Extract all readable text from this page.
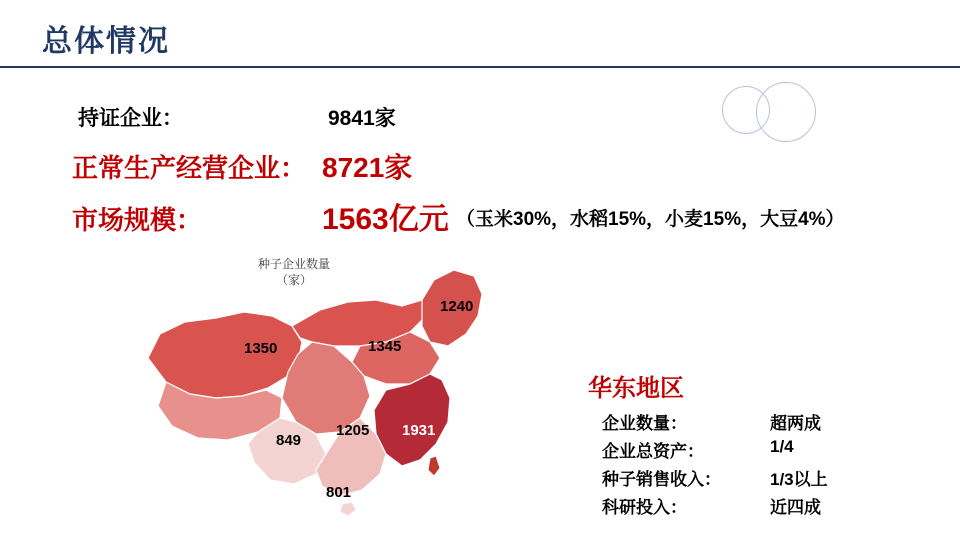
总体情况
持证企业：	9841家
正常生产经营企业： 8721家
市场规模：	1563亿元 （玉米30%，水稻15%，小麦15%，大豆4%）
种子企业数量
（家）
1240
1350	1345
1205 1931
849
801
华东地区
企业数量：	超两成
企业总资产：	1/4
种子销售收入：	1/3以上
科研投入：	近四成
